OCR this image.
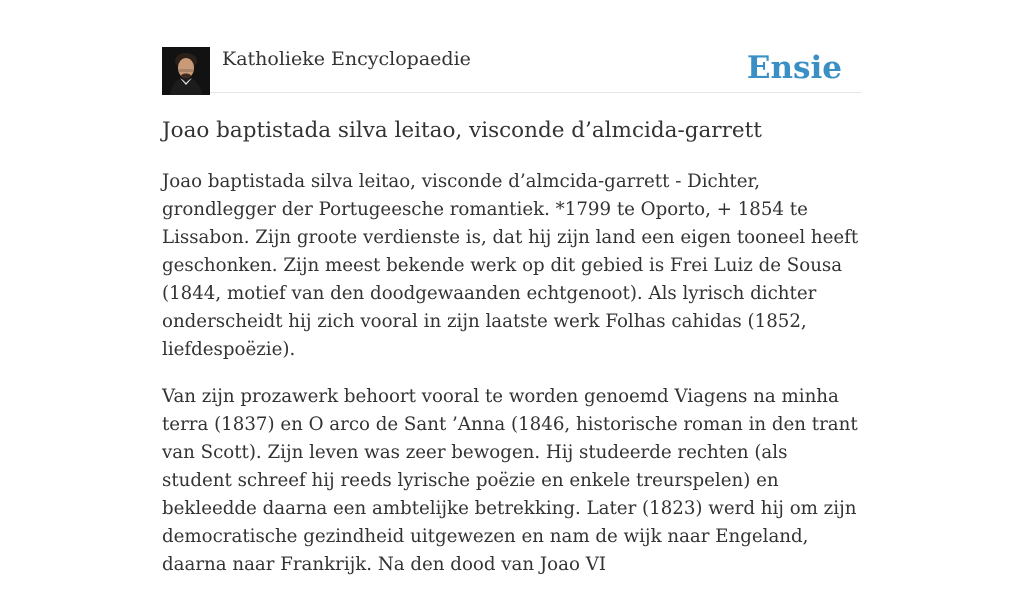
Katholieke Encyclopaedie	Ensie
Joao baptistada silva leitao, visconde d’almcida-garrett

Joao baptistada silva leitao, visconde d’almcida-garrett - Dichter, grondlegger der Portugeesche romantiek. *1799 te Oporto, + 1854 te Lissabon. Zijn groote verdienste is, dat hij zijn land een eigen tooneel heeft geschonken. Zijn meest bekende werk op dit gebied is Frei Luiz de Sousa (1844, motief van den doodgewaanden echtgenoot). Als lyrisch dichter onderscheidt hij zich vooral in zijn laatste werk Folhas cahidas (1852, liefdespoëzie).

Van zijn prozawerk behoort vooral te worden genoemd Viagens na minha terra (1837) en O arco de Sant ’Anna (1846, historische roman in den trant van Scott). Zijn leven was zeer bewogen. Hij studeerde rechten (als student schreef hij reeds lyrische poëzie en enkele treurspelen) en bekleedde daarna een ambtelijke betrekking. Later (1823) werd hij om zijn democratische gezindheid uitgewezen en nam de wijk naar Engeland, daarna naar Frankrijk. Na den dood van Joao VI
